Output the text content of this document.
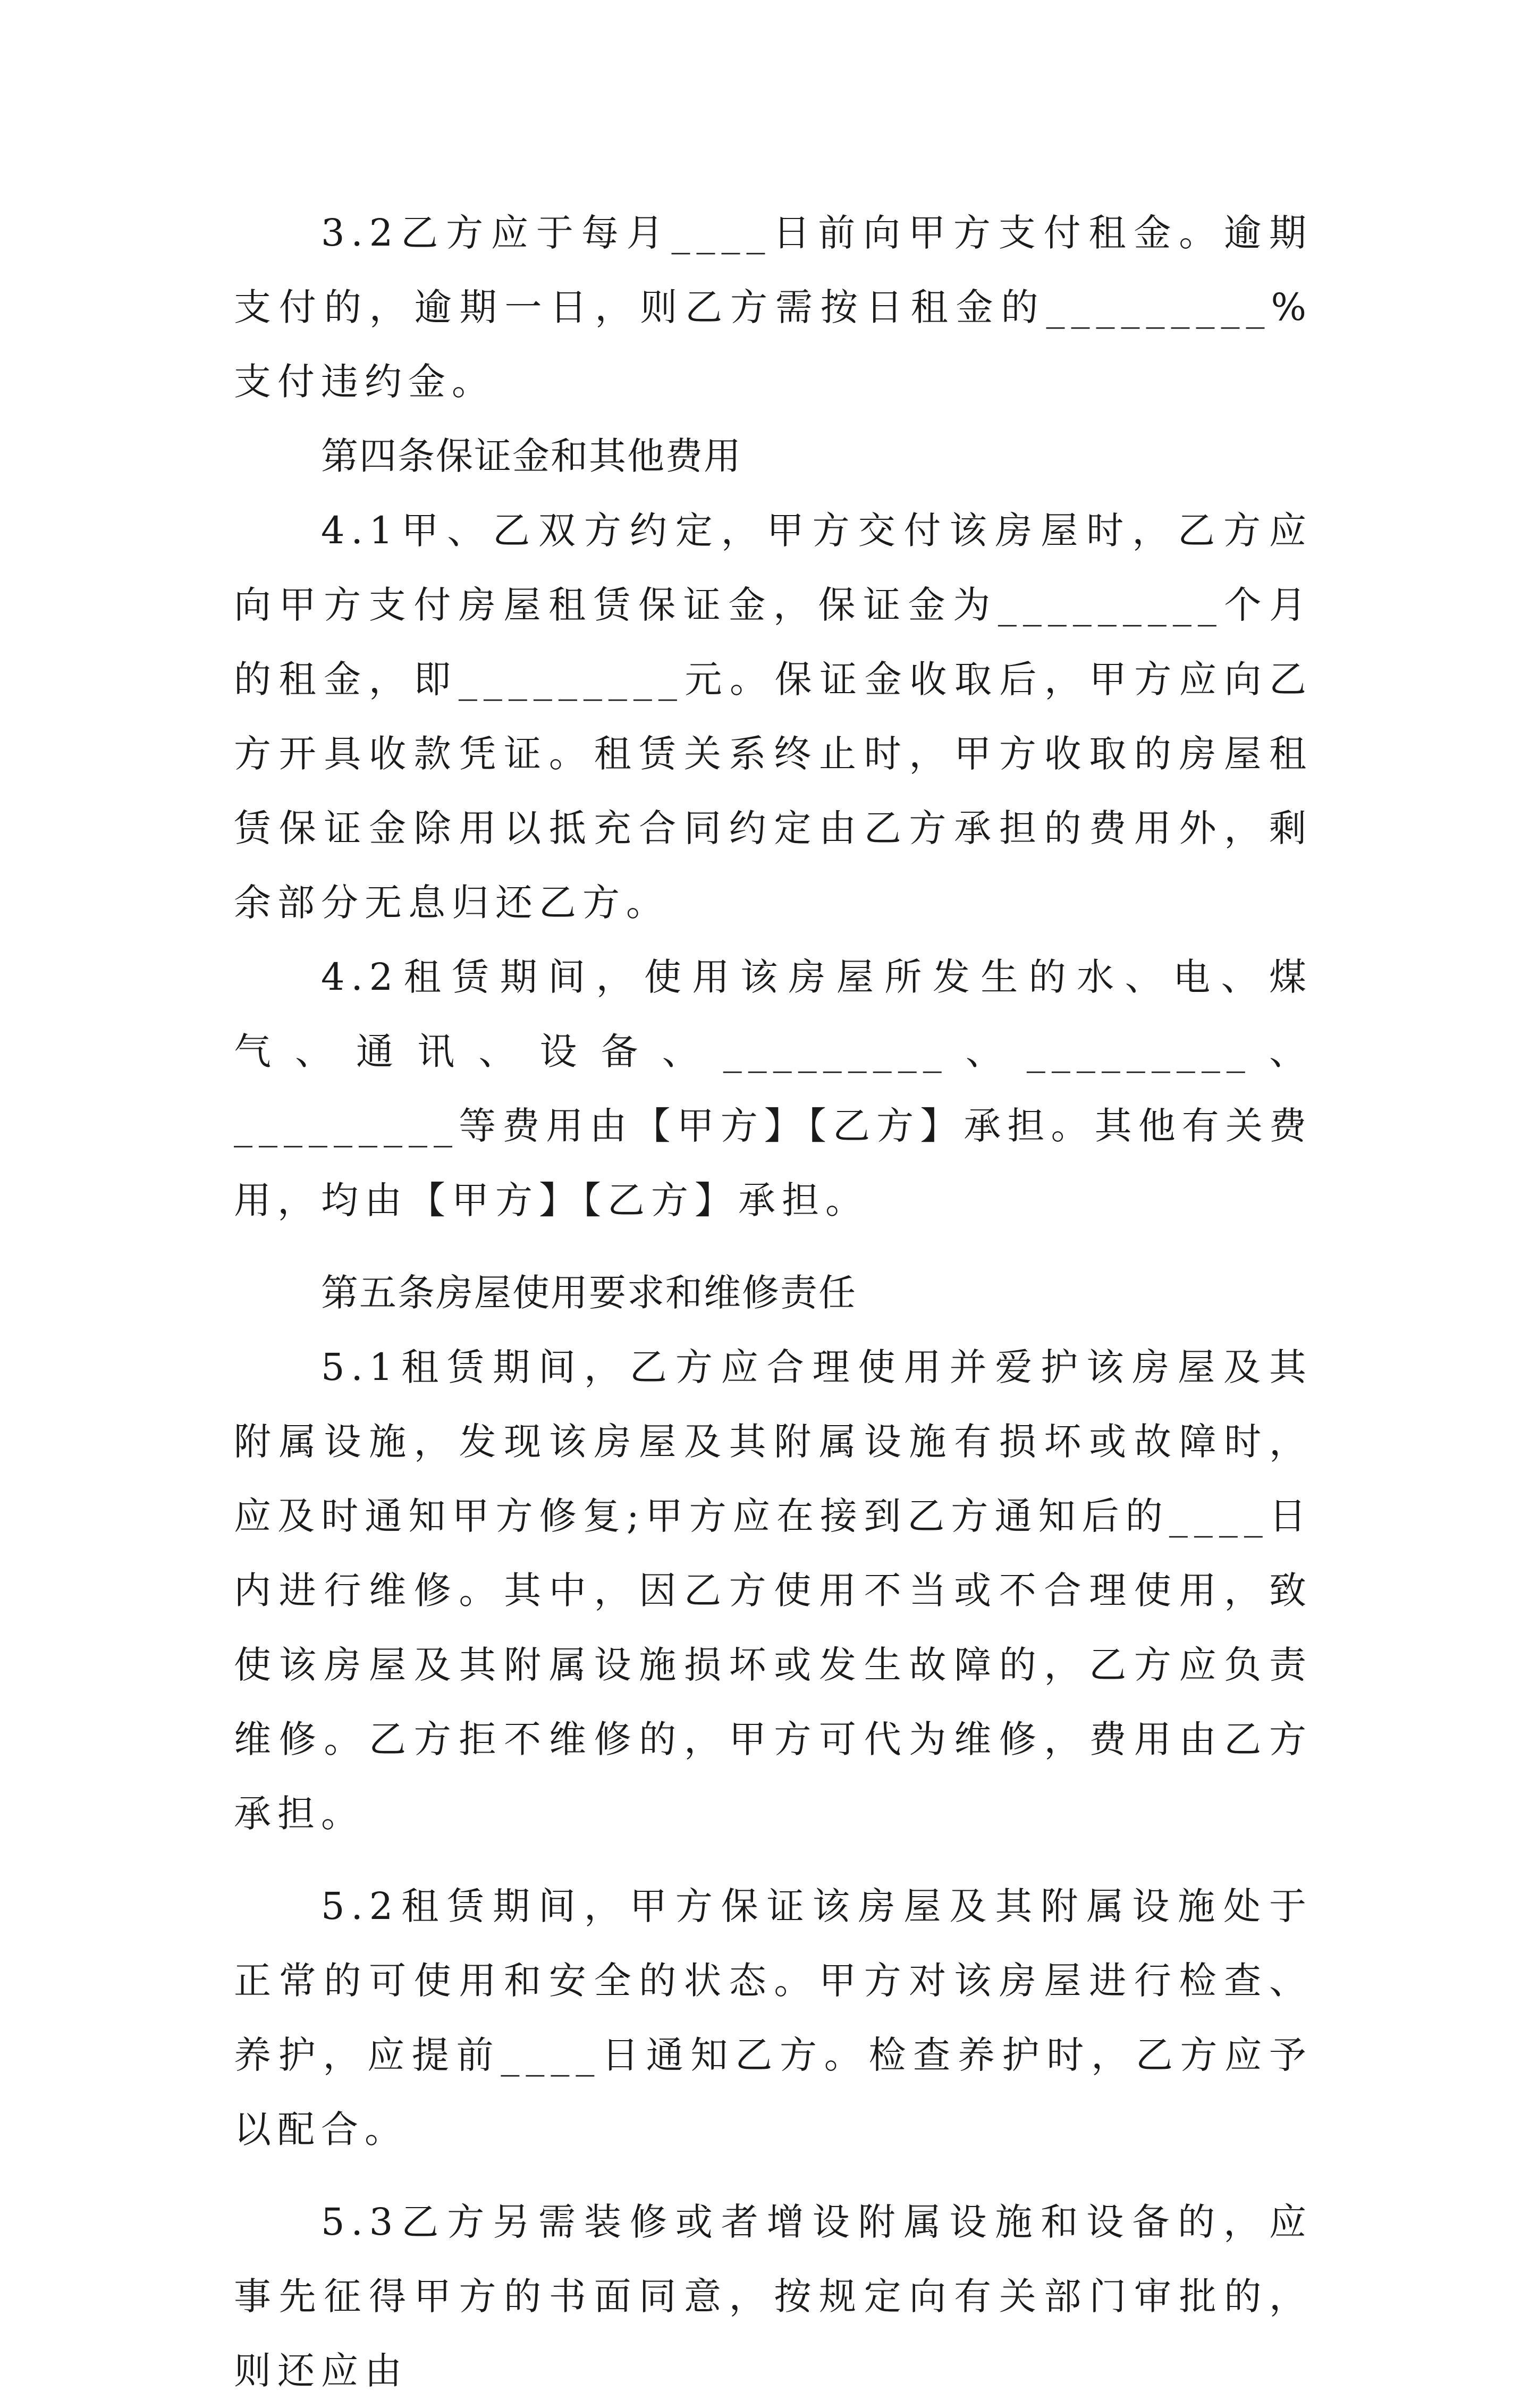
3.2乙方应于每月____日前向甲方支付租金。逾期支付的，逾期一日，则乙方需按日租金的_________%支付违约金。

第四条保证金和其他费用

4.1甲、乙双方约定，甲方交付该房屋时，乙方应向甲方支付房屋租赁保证金，保证金为_________个月的租金，即_________元。保证金收取后，甲方应向乙方开具收款凭证。租赁关系终止时，甲方收取的房屋租赁保证金除用以抵充合同约定由乙方承担的费用外，剩余部分无息归还乙方。

4.2租赁期间，使用该房屋所发生的水、电、煤气、通讯、设备、_________、_________、_________等费用由【甲方】【乙方】承担。其他有关费用，均由【甲方】【乙方】承担。

第五条房屋使用要求和维修责任

5.1租赁期间，乙方应合理使用并爱护该房屋及其附属设施，发现该房屋及其附属设施有损坏或故障时，应及时通知甲方修复;甲方应在接到乙方通知后的____日内进行维修。其中，因乙方使用不当或不合理使用，致使该房屋及其附属设施损坏或发生故障的，乙方应负责维修。乙方拒不维修的，甲方可代为维修，费用由乙方承担。

5.2租赁期间，甲方保证该房屋及其附属设施处于正常的可使用和安全的状态。甲方对该房屋进行检查、养护，应提前____日通知乙方。检查养护时，乙方应予以配合。

5.3乙方另需装修或者增设附属设施和设备的，应事先征得甲方的书面同意，按规定向有关部门审批的，则还应由
